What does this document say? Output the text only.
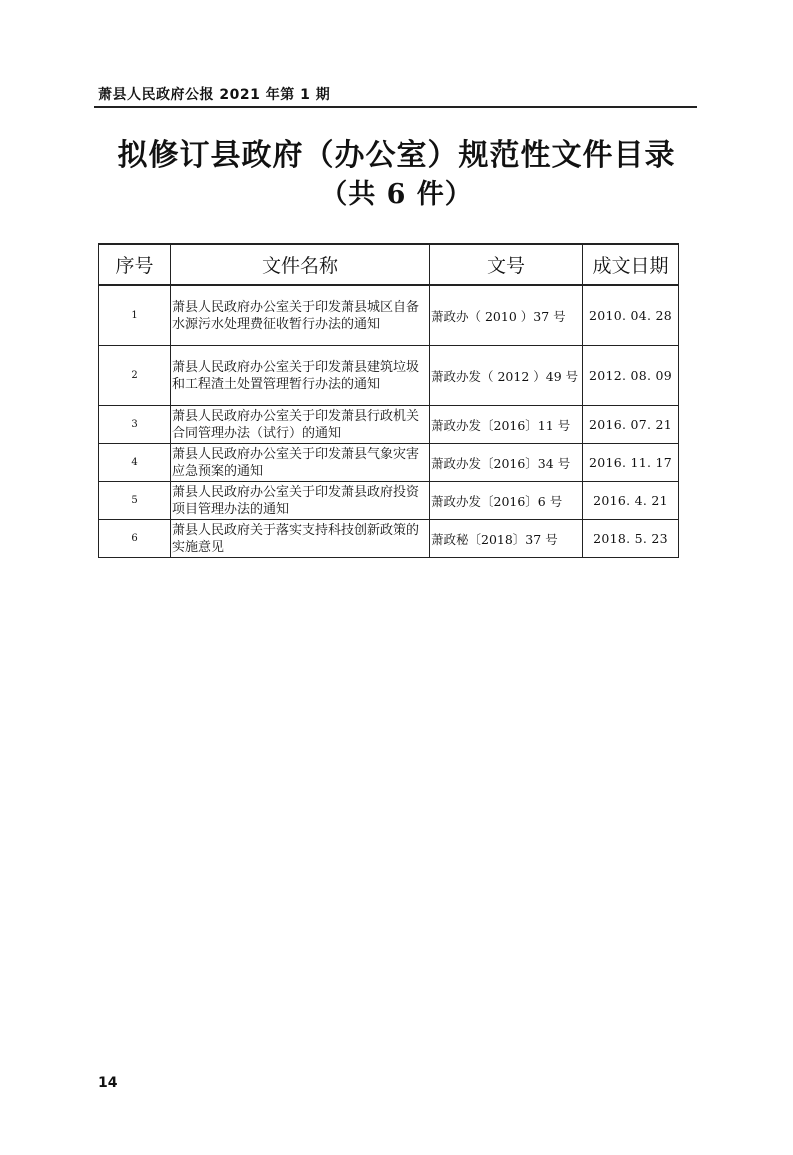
萧县人民政府公报 2021 年第 1 期
拟修订县政府（办公室）规范性文件目录
（共 6 件）
序号	文件名称	文号	成文日期
1	萧县人民政府办公室关于印发萧县城区自备水源污水处理费征收暂行办法的通知	萧政办（ 2010 ）37 号	2010. 04. 28
2	萧县人民政府办公室关于印发萧县建筑垃圾和工程渣土处置管理暂行办法的通知	萧政办发（ 2012 ）49 号	2012. 08. 09
3	萧县人民政府办公室关于印发萧县行政机关合同管理办法（试行）的通知	萧政办发〔2016〕11 号	2016. 07. 21
4	萧县人民政府办公室关于印发萧县气象灾害应急预案的通知	萧政办发〔2016〕34 号	2016. 11. 17
5	萧县人民政府办公室关于印发萧县政府投资项目管理办法的通知	萧政办发〔2016〕6 号	2016. 4. 21
6	萧县人民政府关于落实支持科技创新政策的实施意见	萧政秘〔2018〕37 号	2018. 5. 23
14
